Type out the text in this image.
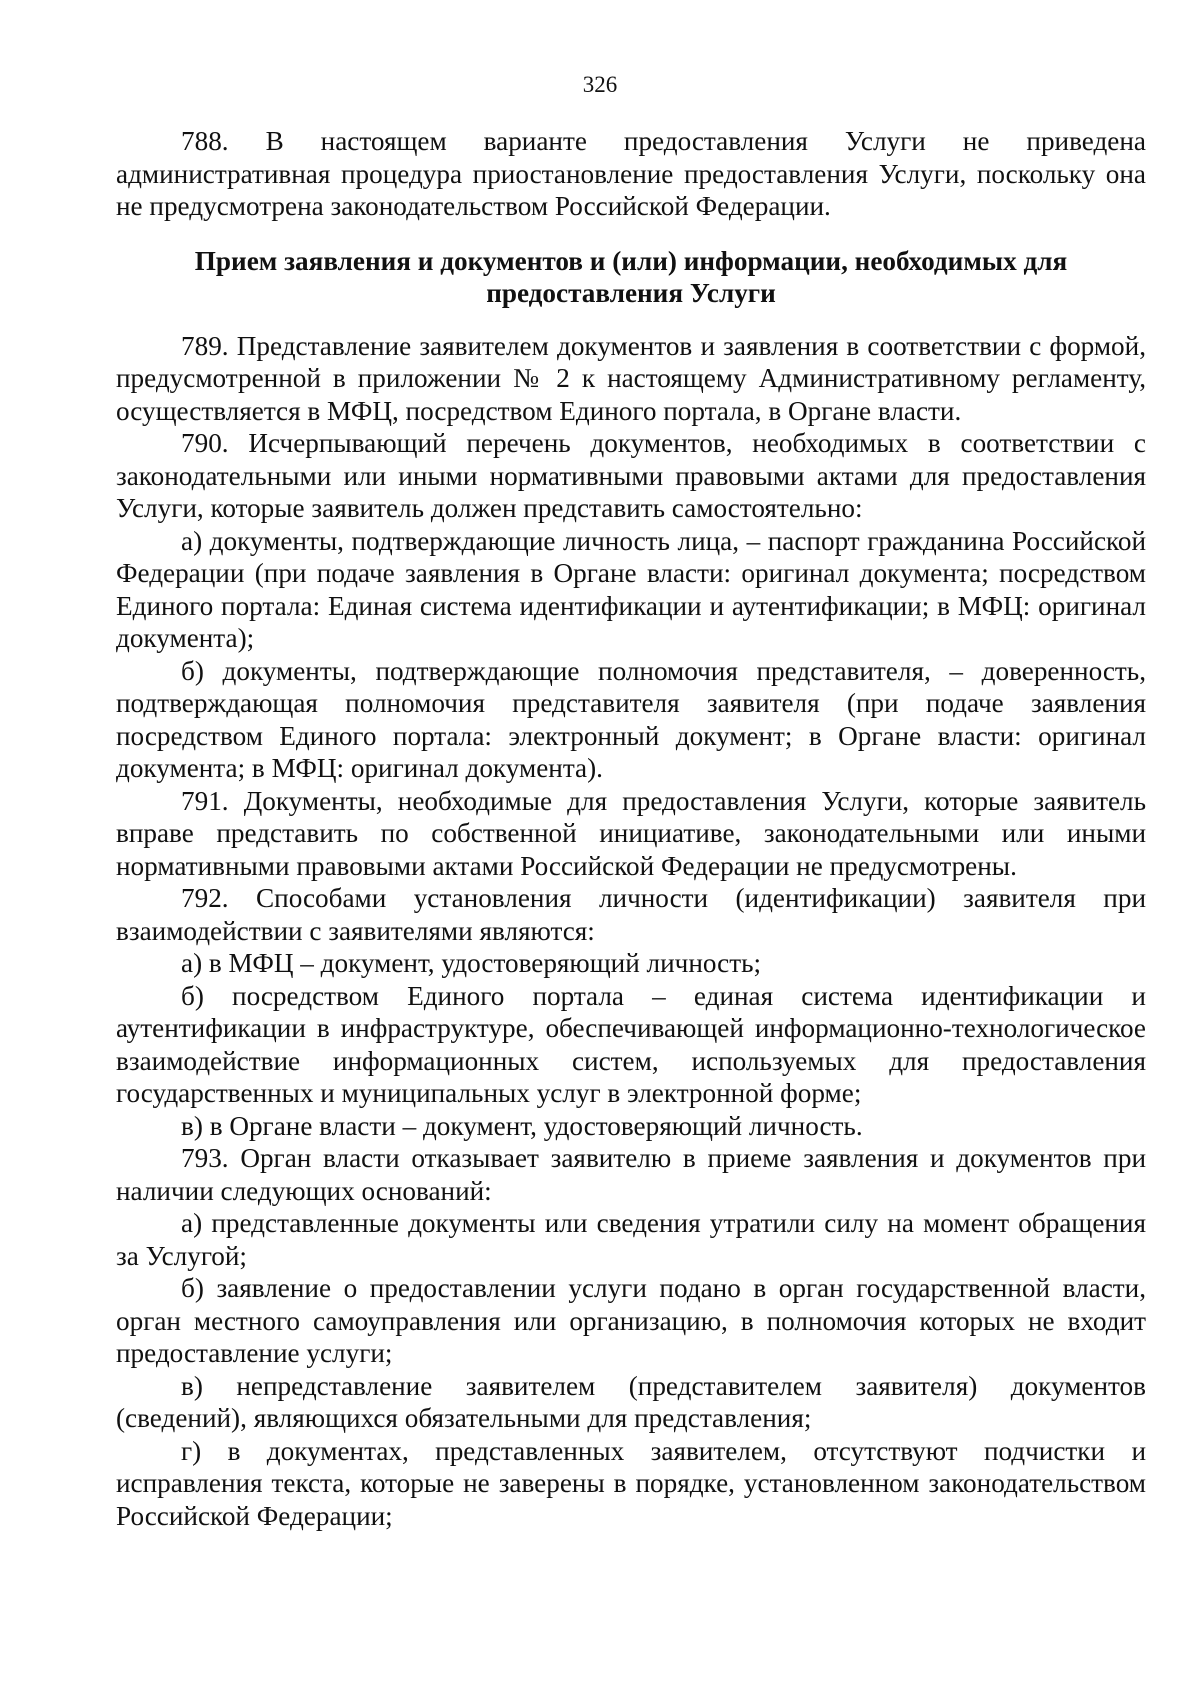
326

788. В настоящем варианте предоставления Услуги не приведена административная процедура приостановление предоставления Услуги, поскольку она не предусмотрена законодательством Российской Федерации.

Прием заявления и документов и (или) информации, необходимых для предоставления Услуги

789. Представление заявителем документов и заявления в соответствии с формой, предусмотренной в приложении № 2 к настоящему Административному регламенту, осуществляется в МФЦ, посредством Единого портала, в Органе власти.

790. Исчерпывающий перечень документов, необходимых в соответствии с законодательными или иными нормативными правовыми актами для предоставления Услуги, которые заявитель должен представить самостоятельно:

а) документы, подтверждающие личность лица, – паспорт гражданина Российской Федерации (при подаче заявления в Органе власти: оригинал документа; посредством Единого портала: Единая система идентификации и аутентификации; в МФЦ: оригинал документа);

б) документы, подтверждающие полномочия представителя, – доверенность, подтверждающая полномочия представителя заявителя (при подаче заявления посредством Единого портала: электронный документ; в Органе власти: оригинал документа; в МФЦ: оригинал документа).

791. Документы, необходимые для предоставления Услуги, которые заявитель вправе представить по собственной инициативе, законодательными или иными нормативными правовыми актами Российской Федерации не предусмотрены.

792. Способами установления личности (идентификации) заявителя при взаимодействии с заявителями являются:

а) в МФЦ – документ, удостоверяющий личность;

б) посредством Единого портала – единая система идентификации и аутентификации в инфраструктуре, обеспечивающей информационно-технологическое взаимодействие информационных систем, используемых для предоставления государственных и муниципальных услуг в электронной форме;

в) в Органе власти – документ, удостоверяющий личность.

793. Орган власти отказывает заявителю в приеме заявления и документов при наличии следующих оснований:

а) представленные документы или сведения утратили силу на момент обращения за Услугой;

б) заявление о предоставлении услуги подано в орган государственной власти, орган местного самоуправления или организацию, в полномочия которых не входит предоставление услуги;

в) непредставление заявителем (представителем заявителя) документов (сведений), являющихся обязательными для представления;

г) в документах, представленных заявителем, отсутствуют подчистки и исправления текста, которые не заверены в порядке, установленном законодательством Российской Федерации;
